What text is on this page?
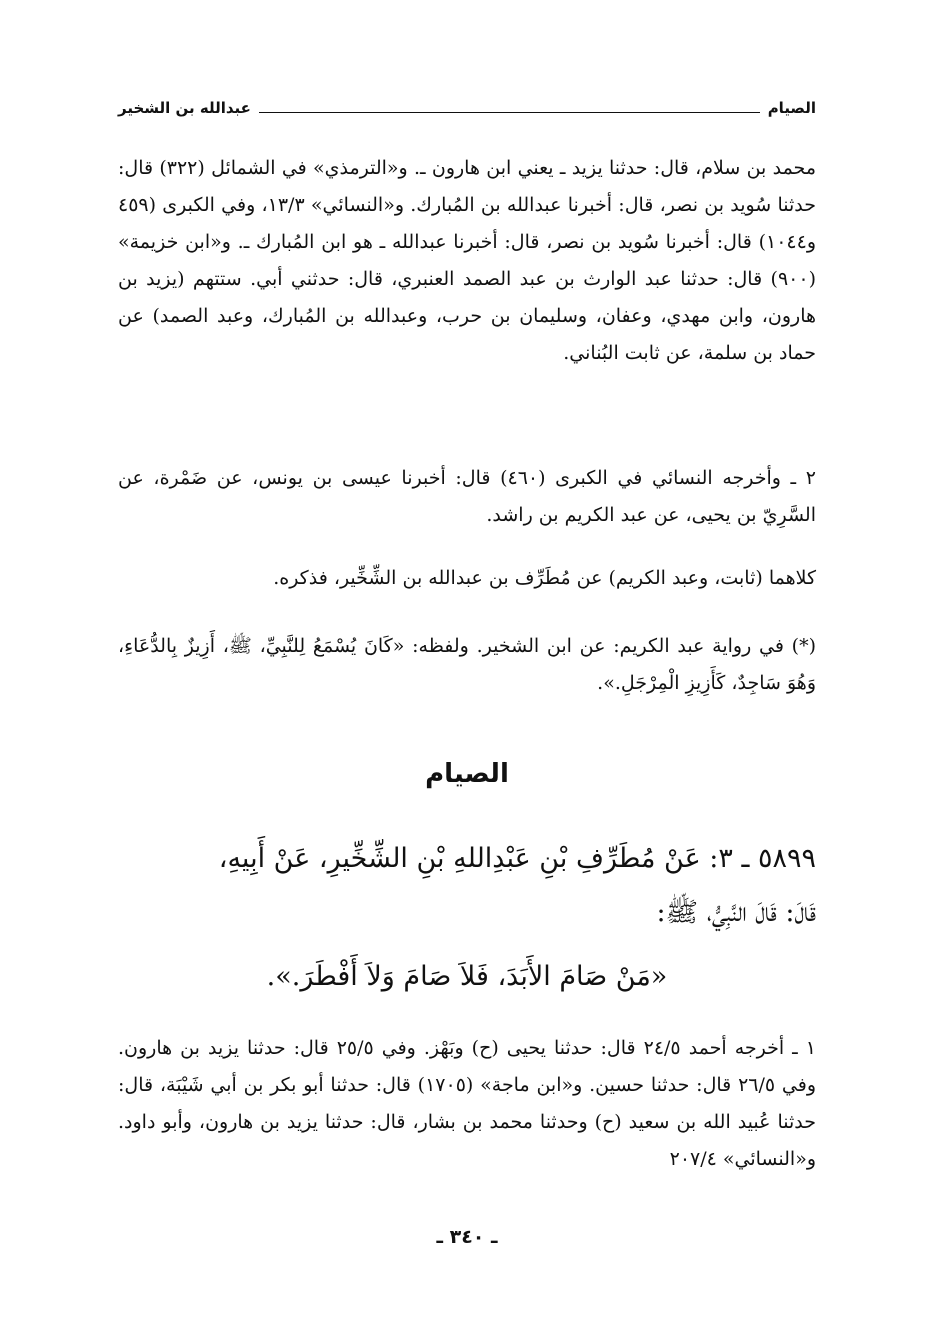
الصيام
عبدالله بن الشخير

محمد بن سلام، قال: حدثنا يزيد ـ يعني ابن هارون ـ. و«الترمذي» في الشمائل (٣٢٢) قال: حدثنا سُويد بن نصر، قال: أخبرنا عبدالله بن المُبارك. و«النسائي» ١٣/٣، وفي الكبرى (٤٥٩ و١٠٤٤) قال: أخبرنا سُويد بن نصر، قال: أخبرنا عبدالله ـ هو ابن المُبارك ـ. و«ابن خزيمة» (٩٠٠) قال: حدثنا عبد الوارث بن عبد الصمد العنبري، قال: حدثني أبي. ستتهم (يزيد بن هارون، وابن مهدي، وعفان، وسليمان بن حرب، وعبدالله بن المُبارك، وعبد الصمد) عن حماد بن سلمة، عن ثابت البُناني.

٢ ـ وأخرجه النسائي في الكبرى (٤٦٠) قال: أخبرنا عيسى بن يونس، عن ضَمْرة، عن السَّرِيّ بن يحيى، عن عبد الكريم بن راشد.

كلاهما (ثابت، وعبد الكريم) عن مُطَرِّف بن عبدالله بن الشِّخِّير، فذكره.

(*) في رواية عبد الكريم: عن ابن الشخير. ولفظه: «كَانَ يُسْمَعُ لِلنَّبِيِّ، ﷺ، أَزِيزٌ بِالدُّعَاءِ، وَهُوَ سَاجِدٌ، كَأَزِيزِ الْمِرْجَلِ.».

الصيام
٥٨٩٩ ـ ٣: عَنْ مُطَرِّفِ بْنِ عَبْدِاللهِ بْنِ الشِّخِّيرِ، عَنْ أَبِيهِ،
قَالَ: قَالَ النَّبِيُّ، ﷺ:
«مَنْ صَامَ الأَبَدَ، فَلاَ صَامَ وَلاَ أَفْطَرَ.».

١ ـ أخرجه أحمد ٢٤/٥ قال: حدثنا يحيى (ح) وبَهْز. وفي ٢٥/٥ قال: حدثنا يزيد بن هارون. وفي ٢٦/٥ قال: حدثنا حسين. و«ابن ماجة» (١٧٠٥) قال: حدثنا أبو بكر بن أبي شَيْبَة، قال: حدثنا عُبيد الله بن سعيد (ح) وحدثنا محمد بن بشار، قال: حدثنا يزيد بن هارون، وأبو داود. و«النسائي» ٢٠٧/٤

ـ ٣٤٠ ـ
